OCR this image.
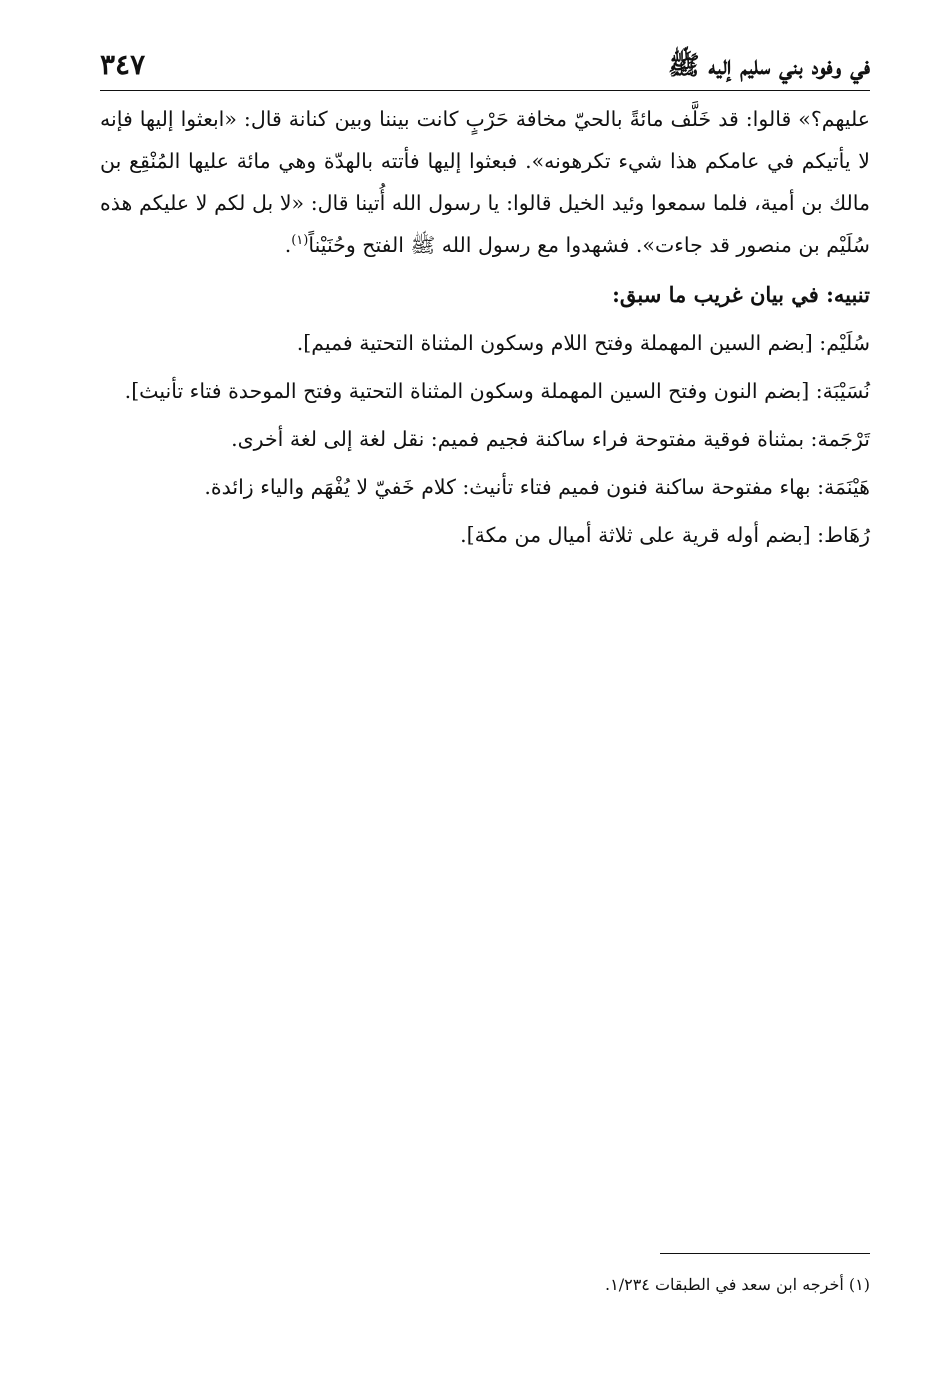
في وفود بني سليم إليه ﷺ
٣٤٧

عليهم؟» قالوا: قد خَلَّف مائةً بالحيّ مخافة حَرْبٍ كانت بيننا وبين كنانة قال: «ابعثوا إليها فإنه لا يأتيكم في عامكم هذا شيء تكرهونه». فبعثوا إليها فأتته بالهدّة وهي مائة عليها المُنْقِع بن مالك بن أمية، فلما سمعوا وئيد الخيل قالوا: يا رسول الله أُتينا قال: «لا بل لكم لا عليكم هذه سُلَيْم بن منصور قد جاءت». فشهدوا مع رسول الله ﷺ الفتح وحُنَيْناً$^{(١)}$.

تنبيه: في بيان غريب ما سبق:

سُلَيْم: [بضم السين المهملة وفتح اللام وسكون المثناة التحتية فميم].

نُسَيْبَة: [بضم النون وفتح السين المهملة وسكون المثناة التحتية وفتح الموحدة فتاء تأنيث].

تَرْجَمة: بمثناة فوقية مفتوحة فراء ساكنة فجيم فميم: نقل لغة إلى لغة أخرى.

هَيْنَمَة: بهاء مفتوحة ساكنة فنون فميم فتاء تأنيث: كلام خَفيّ لا يُفْهَم والياء زائدة.

رُهَاط: [بضم أوله قرية على ثلاثة أميال من مكة].

(١) أخرجه ابن سعد في الطبقات ١/٢٣٤.
